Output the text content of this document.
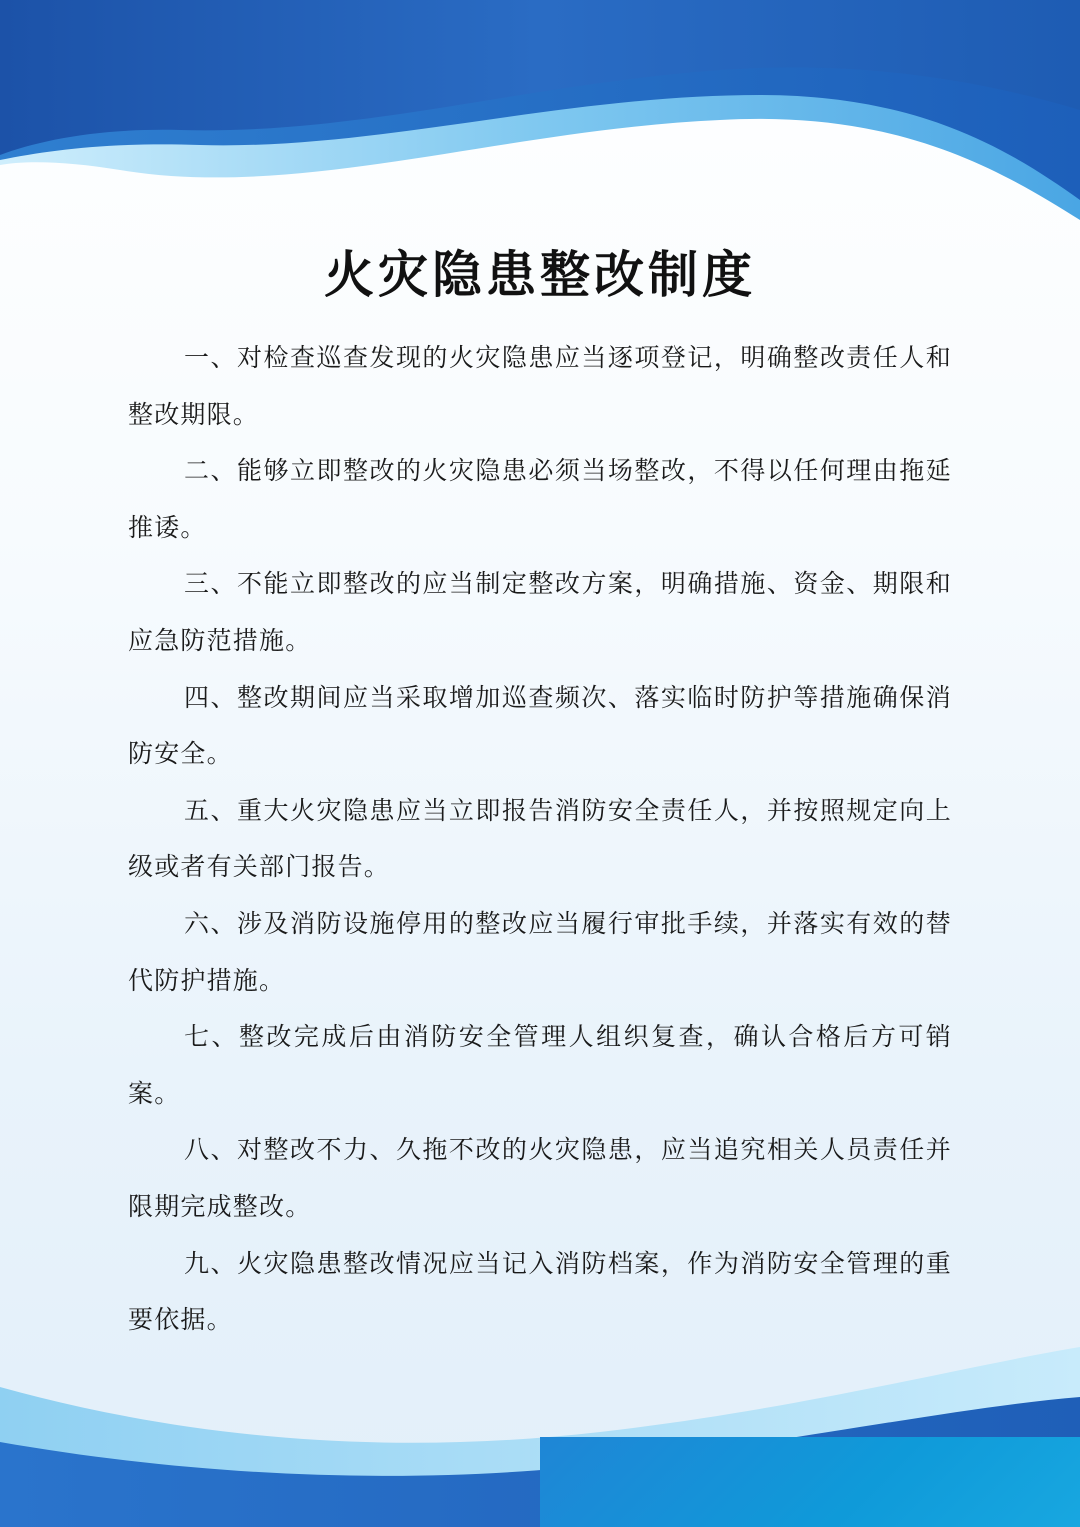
火灾隐患整改制度

一、对检查巡查发现的火灾隐患应当逐项登记，明确整改责任人和整改期限。

二、能够立即整改的火灾隐患必须当场整改，不得以任何理由拖延推诿。

三、不能立即整改的应当制定整改方案，明确措施、资金、期限和应急防范措施。

四、整改期间应当采取增加巡查频次、落实临时防护等措施确保消防安全。

五、重大火灾隐患应当立即报告消防安全责任人，并按照规定向上级或者有关部门报告。

六、涉及消防设施停用的整改应当履行审批手续，并落实有效的替代防护措施。

七、整改完成后由消防安全管理人组织复查，确认合格后方可销案。

八、对整改不力、久拖不改的火灾隐患，应当追究相关人员责任并限期完成整改。

九、火灾隐患整改情况应当记入消防档案，作为消防安全管理的重要依据。
